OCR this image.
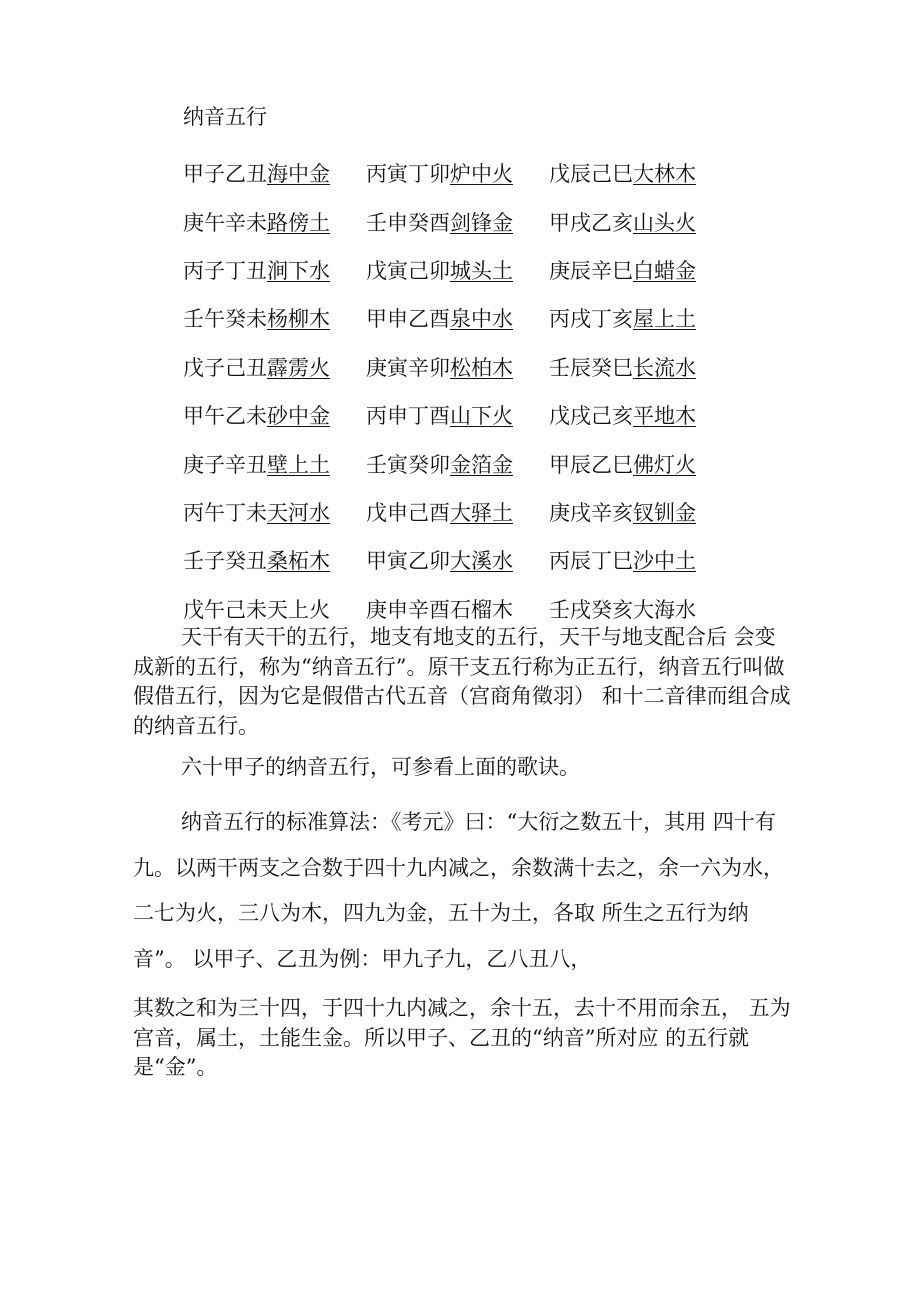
纳音五行
甲子乙丑海中金	丙寅丁卯炉中火	戊辰己巳大林木
庚午辛未路傍土	壬申癸酉剑锋金	甲戌乙亥山头火
丙子丁丑涧下水	戊寅己卯城头土	庚辰辛巳白蜡金
壬午癸未杨柳木	甲申乙酉泉中水	丙戌丁亥屋上土
戊子己丑霹雳火	庚寅辛卯松柏木	壬辰癸巳长流水
甲午乙未砂中金	丙申丁酉山下火	戊戌己亥平地木
庚子辛丑壁上土	壬寅癸卯金箔金	甲辰乙巳佛灯火
丙午丁未天河水	戊申己酉大驿土	庚戌辛亥钗钏金
壬子癸丑桑柘木	甲寅乙卯大溪水	丙辰丁巳沙中土
戊午己未天上火	庚申辛酉石榴木	壬戌癸亥大海水

天干有天干的五行，地支有地支的五行，天干与地支配合后 会变成新的五行，称为“纳音五行”。原干支五行称为正五行，纳音五行叫做假借五行，因为它是假借古代五音（宫商角徵羽） 和十二音律而组合成的纳音五行。

六十甲子的纳音五行，可参看上面的歌诀。

纳音五行的标准算法：《考元》曰：“大衍之数五十，其用 四十有九。以两干两支之合数于四十九内减之，余数满十去之，余一六为水，二七为火，三八为木，四九为金，五十为土，各取 所生之五行为纳音”。 以甲子、乙丑为例：甲九子九，乙八丑八，

其数之和为三十四，于四十九内减之，余十五，去十不用而余五， 五为宫音，属土，土能生金。所以甲子、乙丑的“纳音”所对应 的五行就是“金”。
